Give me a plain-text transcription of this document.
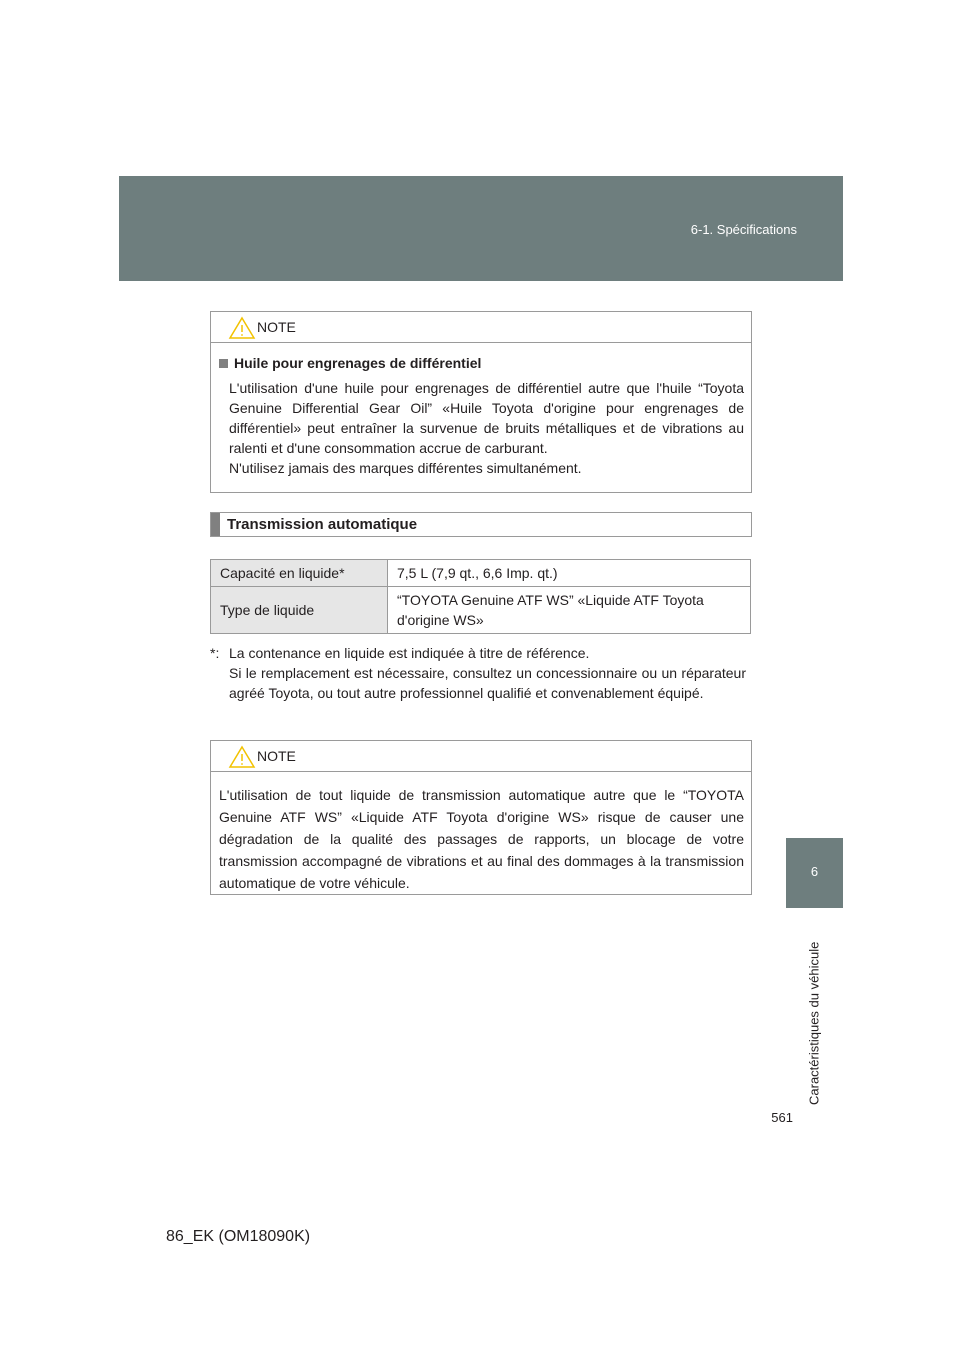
6-1. Spécifications
6
Caractéristiques du véhicule
NOTE
Huile pour engrenages de différentiel

L'utilisation d'une huile pour engrenages de différentiel autre que l'huile “Toyota Genuine Differential Gear Oil” «Huile Toyota d'origine pour engrenages de différentiel» peut entraîner la survenue de bruits métalliques et de vibrations au ralenti et d'une consommation accrue de carburant.

N'utilisez jamais des marques différentes simultanément.

Transmission automatique
Capacité en liquide*	7,5 L (7,9 qt., 6,6 Imp. qt.)
Type de liquide	“TOYOTA Genuine ATF WS” «Liquide ATF Toyota d'origine WS»
*: La contenance en liquide est indiquée à titre de référence.

Si le remplacement est nécessaire, consultez un concessionnaire ou un réparateur agréé Toyota, ou tout autre professionnel qualifié et convenablement équipé.

NOTE

L'utilisation de tout liquide de transmission automatique autre que le “TOYOTA Genuine ATF WS” «Liquide ATF Toyota d'origine WS» risque de causer une dégradation de la qualité des passages de rapports, un blocage de votre transmission accompagné de vibrations et au final des dommages à la transmission automatique de votre véhicule.

561
86_EK (OM18090K)
